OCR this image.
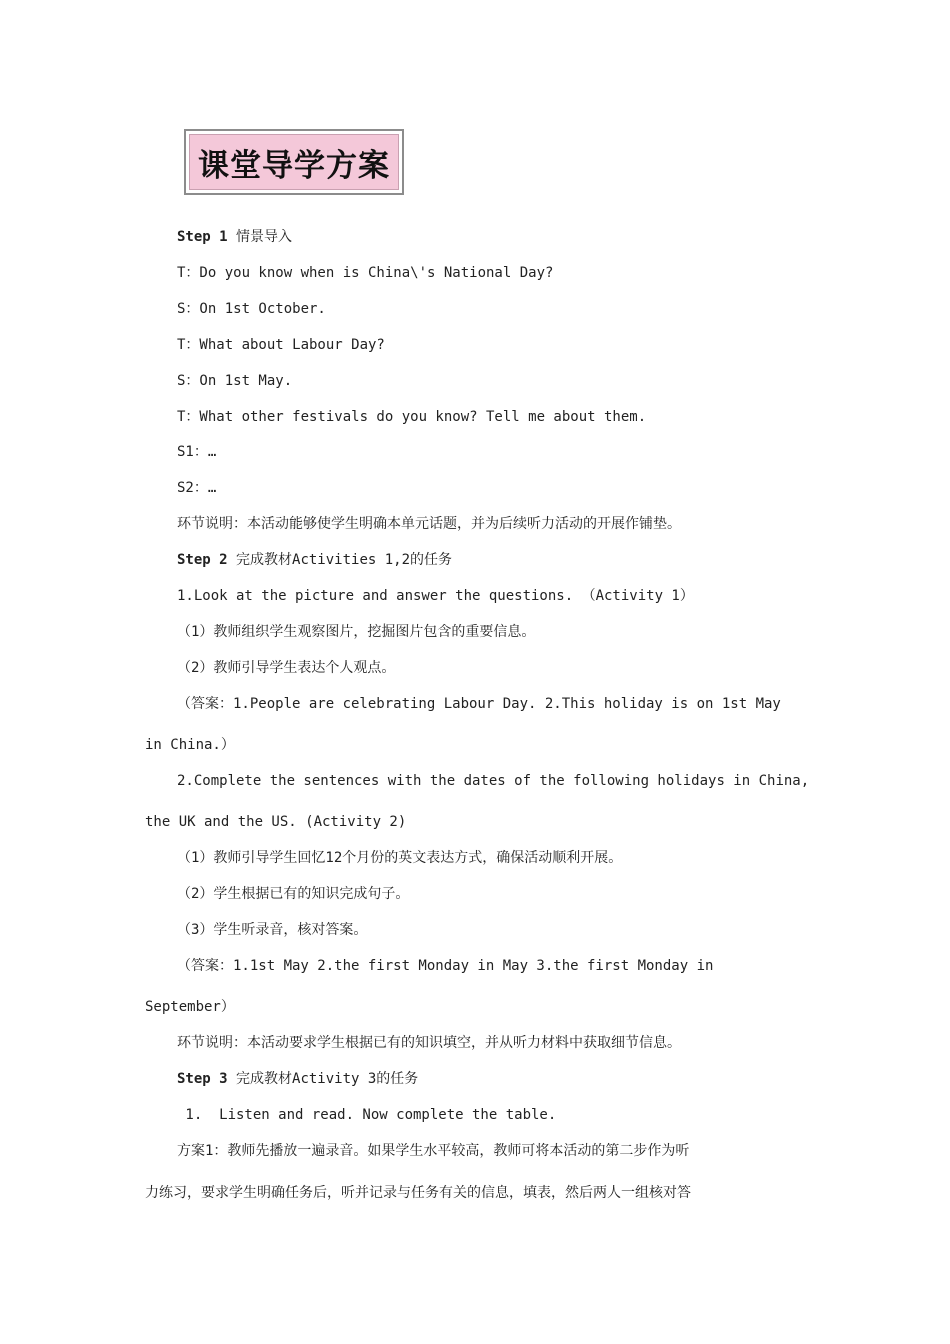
课堂导学方案
Step 1 情景导入
T：Do you know when is China\'s National Day?
S：On 1st October.
T：What about Labour Day?
S：On 1st May.
T：What other festivals do you know? Tell me about them.
S1：…
S2：…
环节说明：本活动能够使学生明确本单元话题，并为后续听力活动的开展作铺垫。
Step 2 完成教材Activities 1,2的任务
1.Look at the picture and answer the questions. （Activity 1）
（1）教师组织学生观察图片，挖掘图片包含的重要信息。
（2）教师引导学生表达个人观点。
（答案：1.People are celebrating Labour Day. 2.This holiday is on 1st May
in China.）
2.Complete the sentences with the dates of the following holidays in China,
the UK and the US. (Activity 2)
（1）教师引导学生回忆12个月份的英文表达方式，确保活动顺利开展。
（2）学生根据已有的知识完成句子。
（3）学生听录音，核对答案。
（答案：1.1st May 2.the first Monday in May 3.the first Monday in
September）
环节说明：本活动要求学生根据已有的知识填空，并从听力材料中获取细节信息。
Step 3 完成教材Activity 3的任务
1.  Listen and read. Now complete the table.
方案1：教师先播放一遍录音。如果学生水平较高，教师可将本活动的第二步作为听
力练习，要求学生明确任务后，听并记录与任务有关的信息，填表，然后两人一组核对答
